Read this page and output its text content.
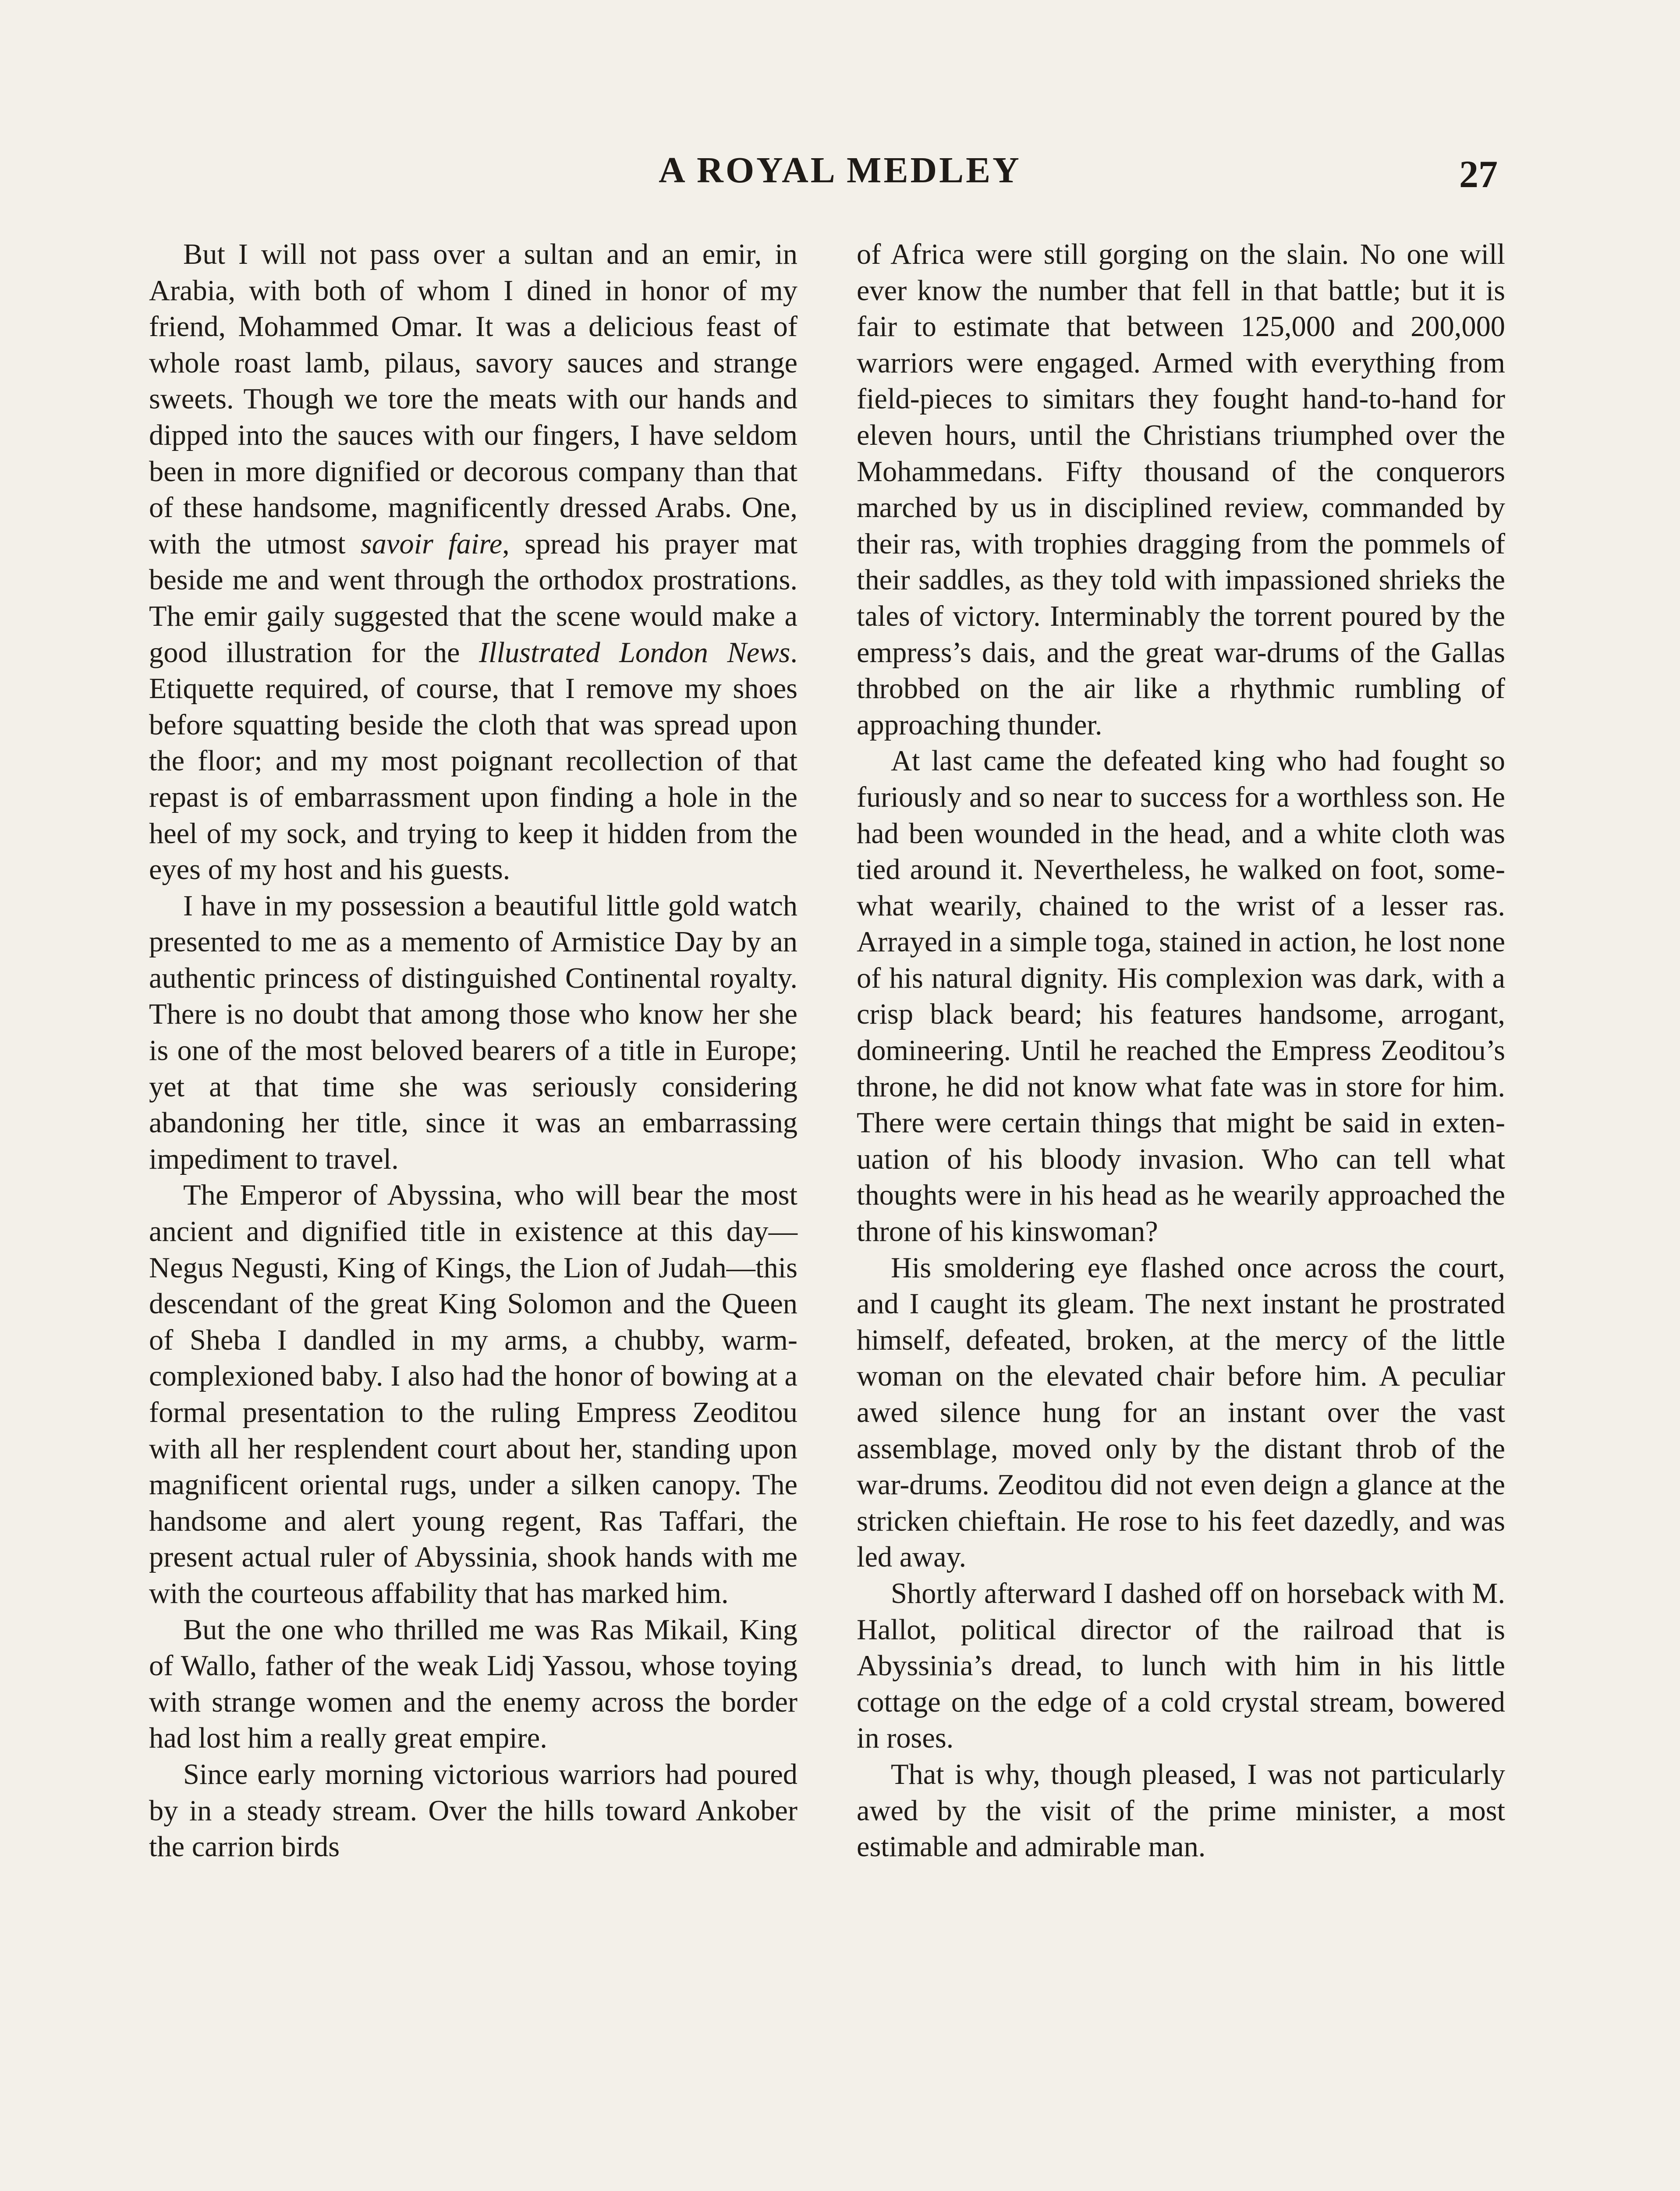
A ROYAL MEDLEY	27

But I will not pass over a sultan and an emir, in Arabia, with both of whom I dined in honor of my friend, Mohammed Omar. It was a delicious feast of whole roast lamb, pilaus, savory sauces and strange sweets. Though we tore the meats with our hands and dipped into the sauces with our fingers, I have seldom been in more dignified or decorous company than that of these handsome, magnificently dressed Arabs. One, with the utmost savoir faire, spread his prayer mat beside me and went through the orthodox prostrations. The emir gaily suggested that the scene would make a good illustration for the Illustrated London News. Etiquette required, of course, that I remove my shoes before squatting beside the cloth that was spread upon the floor; and my most poignant recollection of that repast is of embarrassment upon finding a hole in the heel of my sock, and trying to keep it hidden from the eyes of my host and his guests.

I have in my possession a beautiful little gold watch presented to me as a memento of Armistice Day by an authentic princess of distinguished Continental royalty. There is no doubt that among those who know her she is one of the most beloved bearers of a title in Europe; yet at that time she was seriously considering abandoning her title, since it was an embarrassing impediment to travel.

The Emperor of Abyssina, who will bear the most ancient and dignified title in existence at this day—Negus Negusti, King of Kings, the Lion of Judah—this descendant of the great King Solomon and the Queen of Sheba I dandled in my arms, a chubby, warm-complexioned baby. I also had the honor of bowing at a formal presentation to the ruling Empress Zeoditou with all her resplendent court about her, standing upon magnificent oriental rugs, under a silken canopy. The handsome and alert young regent, Ras Taffari, the present actual ruler of Abyssinia, shook hands with me with the courteous affability that has marked him.

But the one who thrilled me was Ras Mikail, King of Wallo, father of the weak Lidj Yassou, whose toying with strange women and the enemy across the border had lost him a really great empire.

Since early morning victorious warriors had poured by in a steady stream. Over the hills toward Ankober the carrion birds

of Africa were still gorging on the slain. No one will ever know the number that fell in that battle; but it is fair to estimate that between 125,000 and 200,000 warriors were engaged. Armed with everything from field-pieces to simitars they fought hand-to-hand for eleven hours, until the Christians triumphed over the Mohammedans. Fifty thousand of the conquerors marched by us in disciplined review, commanded by their ras, with trophies dragging from the pommels of their saddles, as they told with impassioned shrieks the tales of victory. Interminably the torrent poured by the empress’s dais, and the great war-drums of the Gallas throbbed on the air like a rhythmic rumbling of approaching thunder.

At last came the defeated king who had fought so furiously and so near to success for a worthless son. He had been wounded in the head, and a white cloth was tied around it. Nevertheless, he walked on foot, somewhat wearily, chained to the wrist of a lesser ras. Arrayed in a simple toga, stained in action, he lost none of his natural dignity. His complexion was dark, with a crisp black beard; his features handsome, arrogant, domineering. Until he reached the Empress Zeoditou’s throne, he did not know what fate was in store for him. There were certain things that might be said in extenuation of his bloody invasion. Who can tell what thoughts were in his head as he wearily approached the throne of his kinswoman?

His smoldering eye flashed once across the court, and I caught its gleam. The next instant he prostrated himself, defeated, broken, at the mercy of the little woman on the elevated chair before him. A peculiar awed silence hung for an instant over the vast assemblage, moved only by the distant throb of the war-drums. Zeoditou did not even deign a glance at the stricken chieftain. He rose to his feet dazedly, and was led away.

Shortly afterward I dashed off on horseback with M. Hallot, political director of the railroad that is Abyssinia’s dread, to lunch with him in his little cottage on the edge of a cold crystal stream, bowered in roses.

That is why, though pleased, I was not particularly awed by the visit of the prime minister, a most estimable and admirable man.
